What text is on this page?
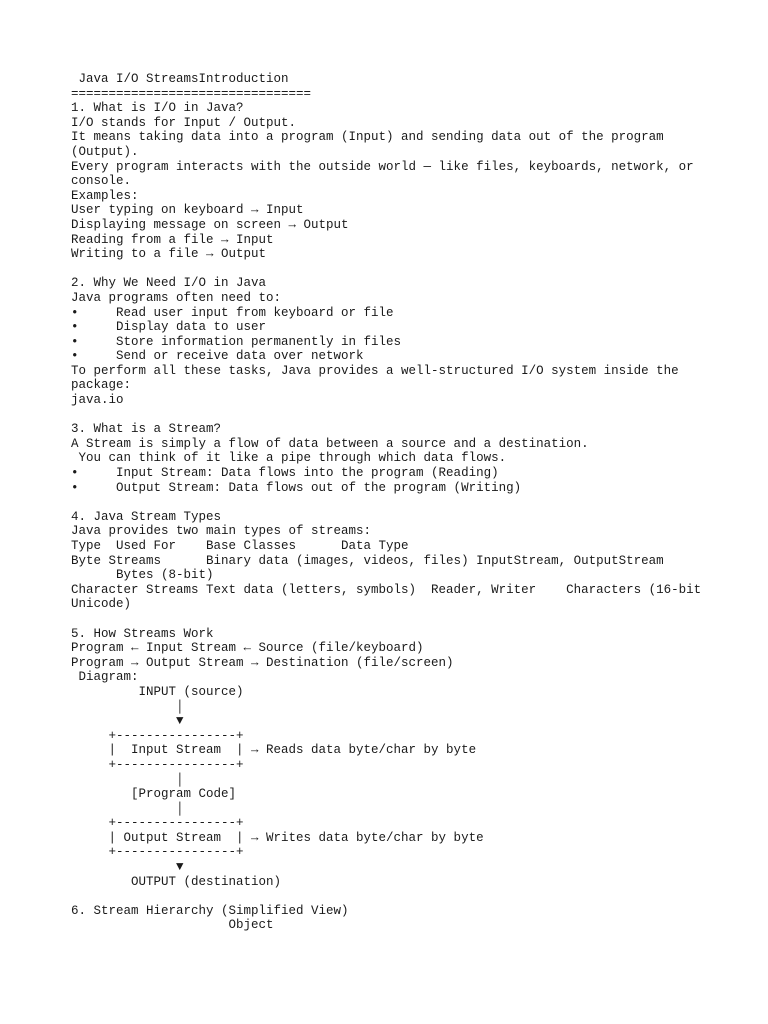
Java I/O StreamsIntroduction
================================
1. What is I/O in Java?
I/O stands for Input / Output.
It means taking data into a program (Input) and sending data out of the program
(Output).
Every program interacts with the outside world — like files, keyboards, network, or
console.
Examples:
User typing on keyboard → Input
Displaying message on screen → Output
Reading from a file → Input
Writing to a file → Output
2. Why We Need I/O in Java
Java programs often need to:
•     Read user input from keyboard or file
•     Display data to user
•     Store information permanently in files
•     Send or receive data over network
To perform all these tasks, Java provides a well-structured I/O system inside the
package:
java.io
3. What is a Stream?
A Stream is simply a flow of data between a source and a destination.
You can think of it like a pipe through which data flows.
•     Input Stream: Data flows into the program (Reading)
•     Output Stream: Data flows out of the program (Writing)
4. Java Stream Types
Java provides two main types of streams:
Type  Used For    Base Classes      Data Type
Byte Streams      Binary data (images, videos, files) InputStream, OutputStream
Bytes (8-bit)
Character Streams Text data (letters, symbols)  Reader, Writer    Characters (16-bit
Unicode)
5. How Streams Work
Program ← Input Stream ← Source (file/keyboard)
Program → Output Stream → Destination (file/screen)
Diagram:
INPUT (source)
│
▼
+----------------+
|  Input Stream  | → Reads data byte/char by byte
+----------------+
│
[Program Code]
│
+----------------+
| Output Stream  | → Writes data byte/char by byte
+----------------+
▼
OUTPUT (destination)
6. Stream Hierarchy (Simplified View)
Object
